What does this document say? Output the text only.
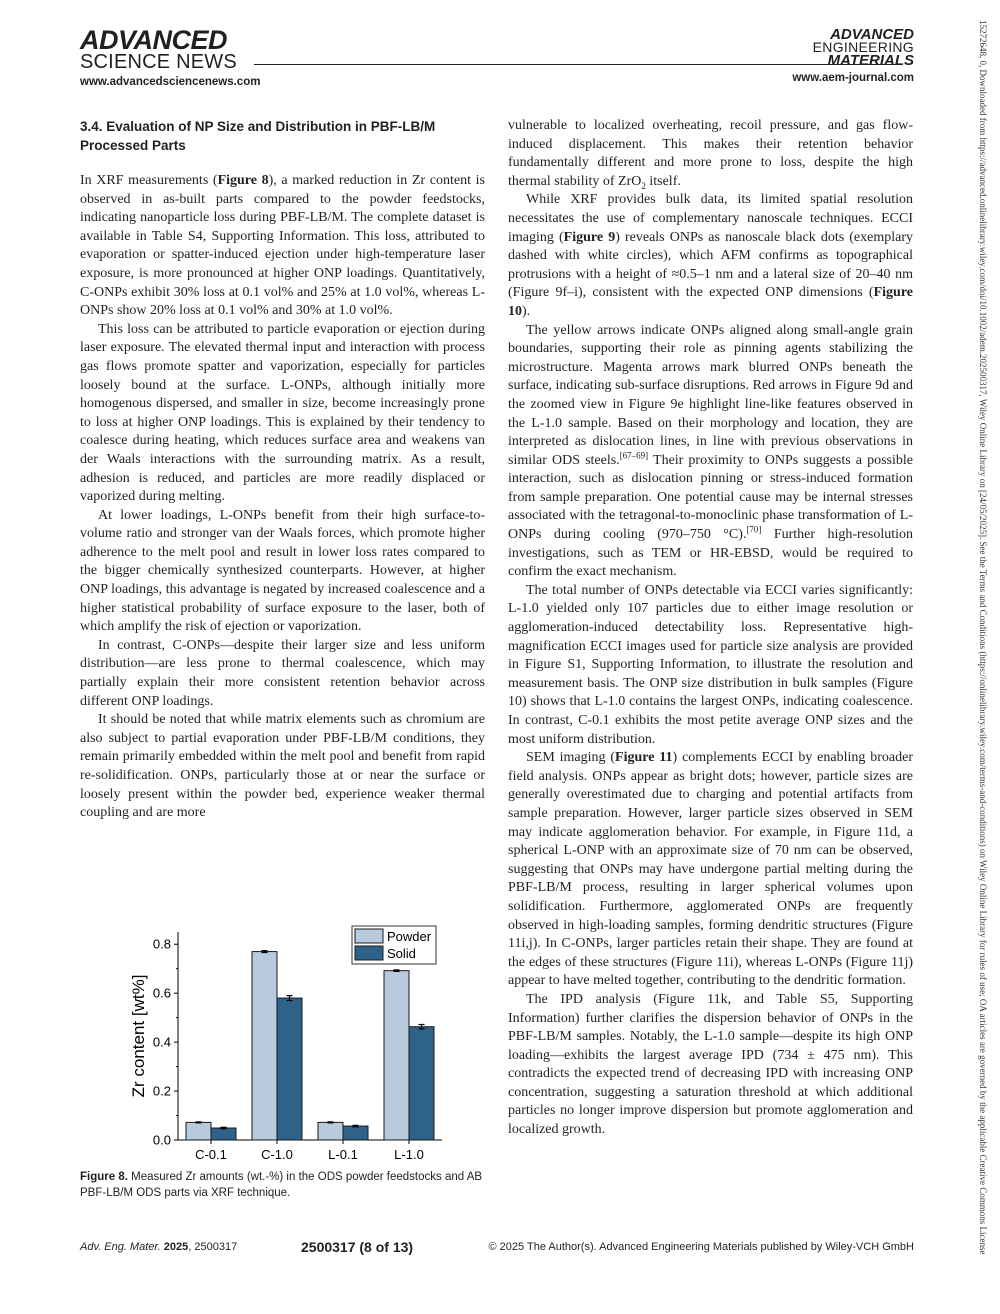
ADVANCED
SCIENCE NEWS
www.advancedsciencenews.com
ADVANCED
ENGINEERING
MATERIALS
www.aem-journal.com
3.4. Evaluation of NP Size and Distribution in PBF-LB/M Processed Parts

In XRF measurements (Figure 8), a marked reduction in Zr content is observed in as-built parts compared to the powder feedstocks, indicating nanoparticle loss during PBF-LB/M. The complete dataset is available in Table S4, Supporting Information. This loss, attributed to evaporation or spatter-induced ejection under high-temperature laser exposure, is more pronounced at higher ONP loadings. Quantitatively, C-ONPs exhibit 30% loss at 0.1 vol% and 25% at 1.0 vol%, whereas L-ONPs show 20% loss at 0.1 vol% and 30% at 1.0 vol%.

This loss can be attributed to particle evaporation or ejection during laser exposure. The elevated thermal input and interaction with process gas flows promote spatter and vaporization, especially for particles loosely bound at the surface. L-ONPs, although initially more homogenous dispersed, and smaller in size, become increasingly prone to loss at higher ONP loadings. This is explained by their tendency to coalesce during heating, which reduces surface area and weakens van der Waals interactions with the surrounding matrix. As a result, adhesion is reduced, and particles are more readily displaced or vaporized during melting.

At lower loadings, L-ONPs benefit from their high surface-to-volume ratio and stronger van der Waals forces, which promote higher adherence to the melt pool and result in lower loss rates compared to the bigger chemically synthesized counterparts. However, at higher ONP loadings, this advantage is negated by increased coalescence and a higher statistical probability of surface exposure to the laser, both of which amplify the risk of ejection or vaporization.

In contrast, C-ONPs—despite their larger size and less uniform distribution—are less prone to thermal coalescence, which may partially explain their more consistent retention behavior across different ONP loadings.

It should be noted that while matrix elements such as chromium are also subject to partial evaporation under PBF-LB/M conditions, they remain primarily embedded within the melt pool and benefit from rapid re-solidification. ONPs, particularly those at or near the surface or loosely present within the powder bed, experience weaker thermal coupling and are more

vulnerable to localized overheating, recoil pressure, and gas flow-induced displacement. This makes their retention behavior fundamentally different and more prone to loss, despite the high thermal stability of ZrO$_2$ itself.

While XRF provides bulk data, its limited spatial resolution necessitates the use of complementary nanoscale techniques. ECCI imaging (Figure 9) reveals ONPs as nanoscale black dots (exemplary dashed with white circles), which AFM confirms as topographical protrusions with a height of ≈0.5–1 nm and a lateral size of 20–40 nm (Figure 9f–i), consistent with the expected ONP dimensions (Figure 10).

The yellow arrows indicate ONPs aligned along small-angle grain boundaries, supporting their role as pinning agents stabilizing the microstructure. Magenta arrows mark blurred ONPs beneath the surface, indicating sub-surface disruptions. Red arrows in Figure 9d and the zoomed view in Figure 9e highlight line-like features observed in the L-1.0 sample. Based on their morphology and location, they are interpreted as dislocation lines, in line with previous observations in similar ODS steels.[67–69] Their proximity to ONPs suggests a possible interaction, such as dislocation pinning or stress-induced formation from sample preparation. One potential cause may be internal stresses associated with the tetragonal-to-monoclinic phase transformation of L-ONPs during cooling (970–750 °C).[70] Further high-resolution investigations, such as TEM or HR-EBSD, would be required to confirm the exact mechanism.

The total number of ONPs detectable via ECCI varies significantly: L-1.0 yielded only 107 particles due to either image resolution or agglomeration-induced detectability loss. Representative high-magnification ECCI images used for particle size analysis are provided in Figure S1, Supporting Information, to illustrate the resolution and measurement basis. The ONP size distribution in bulk samples (Figure 10) shows that L-1.0 contains the largest ONPs, indicating coalescence. In contrast, C-0.1 exhibits the most petite average ONP sizes and the most uniform distribution.

SEM imaging (Figure 11) complements ECCI by enabling broader field analysis. ONPs appear as bright dots; however, particle sizes are generally overestimated due to charging and potential artifacts from sample preparation. However, larger particle sizes observed in SEM may indicate agglomeration behavior. For example, in Figure 11d, a spherical L-ONP with an approximate size of 70 nm can be observed, suggesting that ONPs may have undergone partial melting during the PBF-LB/M process, resulting in larger spherical volumes upon solidification. Furthermore, agglomerated ONPs are frequently observed in high-loading samples, forming dendritic structures (Figure 11i,j). In C-ONPs, larger particles retain their shape. They are found at the edges of these structures (Figure 11i), whereas L-ONPs (Figure 11j) appear to have melted together, contributing to the dendritic formation.

The IPD analysis (Figure 11k, and Table S5, Supporting Information) further clarifies the dispersion behavior of ONPs in the PBF-LB/M samples. Notably, the L-1.0 sample—despite its high ONP loading—exhibits the largest average IPD (734 ± 475 nm). This contradicts the expected trend of decreasing IPD with increasing ONP concentration, suggesting a saturation threshold at which additional particles no longer improve dispersion but promote agglomeration and localized growth.

0.0
0.2
0.4
0.6
0.8
Zr content [wt%]
C-0.1	C-1.0	L-0.1	L-1.0
Powder
Solid
Figure 8. Measured Zr amounts (wt.-%) in the ODS powder feedstocks and AB PBF-LB/M ODS parts via XRF technique.
Adv. Eng. Mater. 2025, 2500317	2500317 (8 of 13)	© 2025 The Author(s). Advanced Engineering Materials published by Wiley-VCH GmbH	15272648, 0, Downloaded from https://advanced.onlinelibrary.wiley.com/doi/10.1002/adem.202500317, Wiley Online Library on [24/05/2025]. See the Terms and Conditions (https://onlinelibrary.wiley.com/terms-and-conditions) on Wiley Online Library for rules of use; OA articles are governed by the applicable Creative Commons License
